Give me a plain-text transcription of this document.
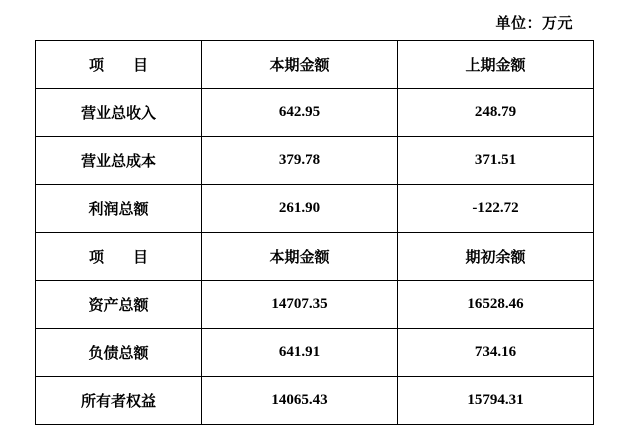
单位：万元
项　目	本期金额	上期金额
营业总收入	642.95	248.79
营业总成本	379.78	371.51
利润总额	261.90	-122.72
项　目	本期金额	期初余额
资产总额	14707.35	16528.46
负债总额	641.91	734.16
所有者权益	14065.43	15794.31
